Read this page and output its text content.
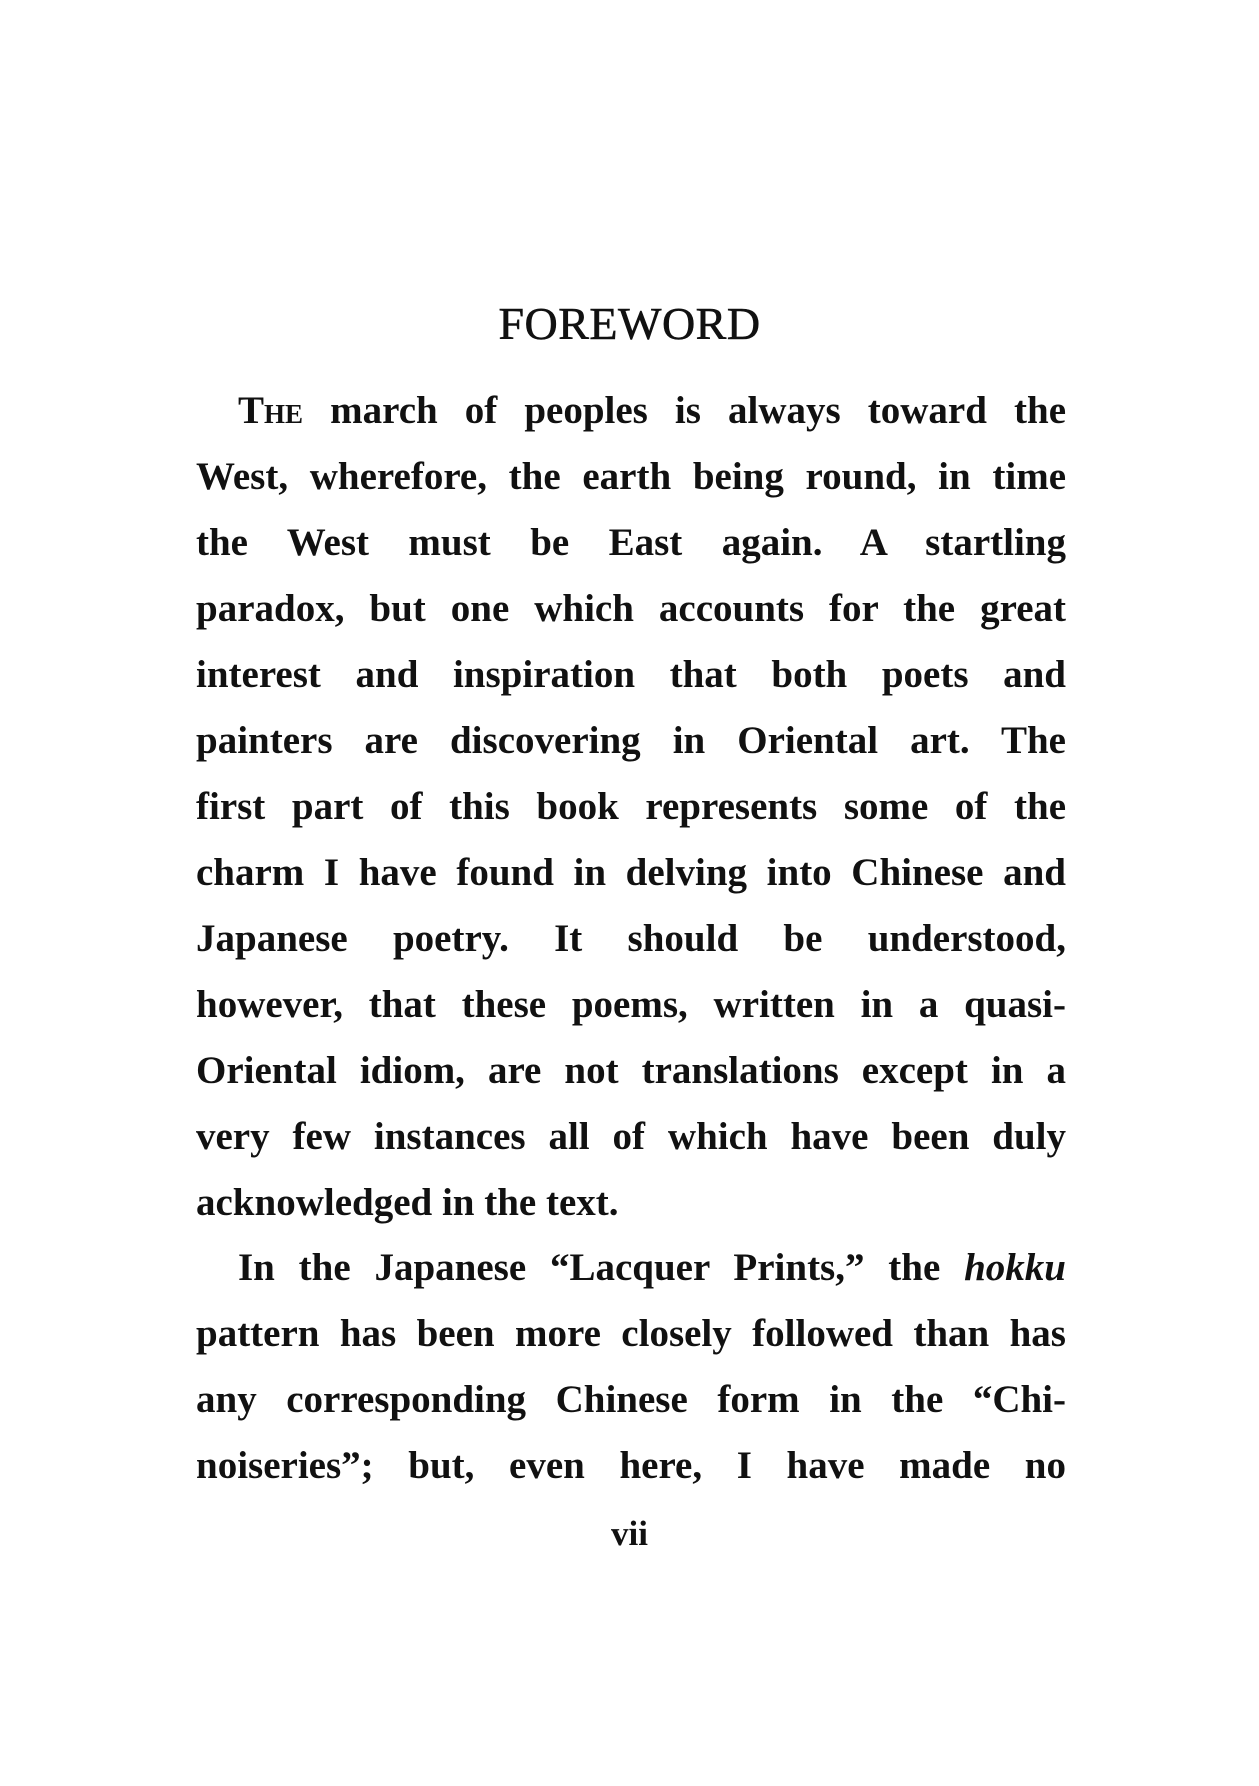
FOREWORD
The march of peoples is always toward the
West, wherefore, the earth being round, in time
the West must be East again. A startling
paradox, but one which accounts for the great
interest and inspiration that both poets and
painters are discovering in Oriental art. The
first part of this book represents some of the
charm I have found in delving into Chinese and
Japanese poetry. It should be understood,
however, that these poems, written in a quasi-
Oriental idiom, are not translations except in a
very few instances all of which have been duly
acknowledged in the text.
In the Japanese “Lacquer Prints,” the hokku
pattern has been more closely followed than has
any corresponding Chinese form in the “Chi-
noiseries”; but, even here, I have made no
vii
